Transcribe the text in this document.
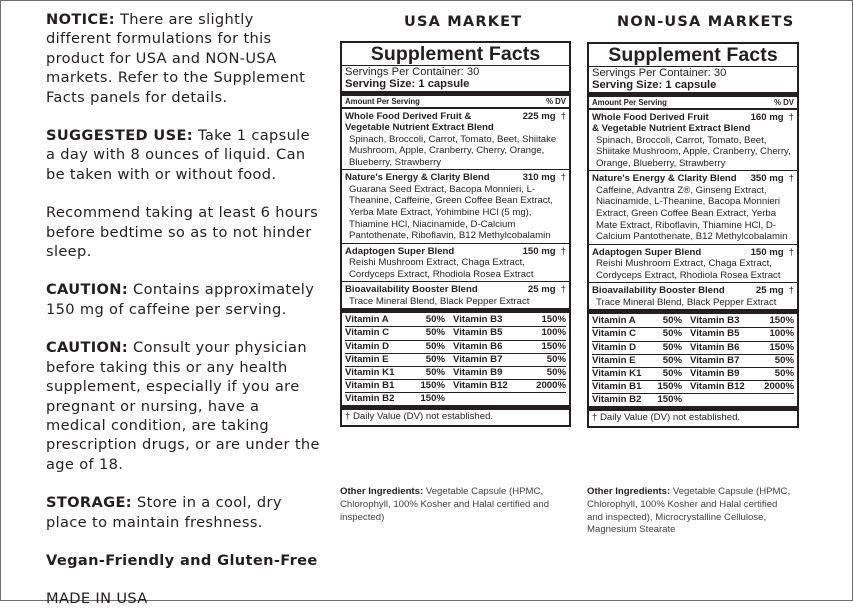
NOTICE: There are slightly different formulations for this product for USA and NON-USA markets. Refer to the Supplement Facts panels for details.

SUGGESTED USE: Take 1 capsule a day with 8 ounces of liquid. Can be taken with or without food.

Recommend taking at least 6 hours before bedtime so as to not hinder sleep.

CAUTION: Contains approximately 150 mg of caffeine per serving.

CAUTION: Consult your physician before taking this or any health supplement, especially if you are pregnant or nursing, have a medical condition, are taking prescription drugs, or are under the age of 18.

STORAGE: Store in a cool, dry place to maintain freshness.

Vegan-Friendly and Gluten-Free

MADE IN USA

USA MARKET
Supplement Facts
Servings Per Container: 30
Serving Size: 1 capsule
Amount Per Serving	% DV
Whole Food Derived Fruit &
Vegetable Nutrient Extract Blend
225 mg †
Spinach, Broccoli, Carrot, Tomato, Beet, Shiitake Mushroom, Apple, Cranberry, Cherry, Orange, Blueberry, Strawberry
Nature's Energy & Clarity Blend	310 mg †
Guarana Seed Extract, Bacopa Monnieri, L-Theanine, Caffeine, Green Coffee Bean Extract, Yerba Mate Extract, Yohimbine HCl (5 mg), Thiamine HCl, Niacinamide, D-Calcium Pantothenate, Riboflavin, B12 Methylcobalamin
Adaptogen Super Blend	150 mg †
Reishi Mushroom Extract, Chaga Extract, Cordyceps Extract, Rhodiola Rosea Extract
Bioavailability Booster Blend	25 mg †
Trace Mineral Blend, Black Pepper Extract
Vitamin A	50% Vitamin B3	150%
Vitamin C	50% Vitamin B5	100%
Vitamin D	50% Vitamin B6	150%
Vitamin E	50% Vitamin B7	50%
Vitamin K1	50% Vitamin B9	50%
Vitamin B1	150% Vitamin B12	2000%
Vitamin B2	150%
† Daily Value (DV) not established.
Other Ingredients: Vegetable Capsule (HPMC, Chlorophyll, 100% Kosher and Halal certified and inspected)
NON-USA MARKETS
Supplement Facts
Servings Per Container: 30
Serving Size: 1 capsule
Amount Per Serving	% DV
Whole Food Derived Fruit
& Vegetable Nutrient Extract Blend
160 mg †
Spinach, Broccoli, Carrot, Tomato, Beet, Shiitake Mushroom, Apple, Cranberry, Cherry, Orange, Blueberry, Strawberry
Nature's Energy & Clarity Blend 350 mg †
Caffeine, Advantra Z®, Ginseng Extract, Niacinamide, L-Theanine, Bacopa Monnieri Extract, Green Coffee Bean Extract, Yerba Mate Extract, Riboflavin, Thiamine HCl, D-Calcium Pantothenate, B12 Methylcobalamin
Adaptogen Super Blend	150 mg †
Reishi Mushroom Extract, Chaga Extract, Cordyceps Extract, Rhodiola Rosea Extract
Bioavailability Booster Blend	25 mg †
Trace Mineral Blend, Black Pepper Extract
Vitamin A	50% Vitamin B3	150%
Vitamin C	50% Vitamin B5	100%
Vitamin D	50% Vitamin B6	150%
Vitamin E	50% Vitamin B7	50%
Vitamin K1 50% Vitamin B9	50%
Vitamin B1 150% Vitamin B12 2000%
Vitamin B2 150%
† Daily Value (DV) not established.
Other Ingredients: Vegetable Capsule (HPMC, Chlorophyll, 100% Kosher and Halal certified and inspected), Microcrystalline Cellulose, Magnesium Stearate
